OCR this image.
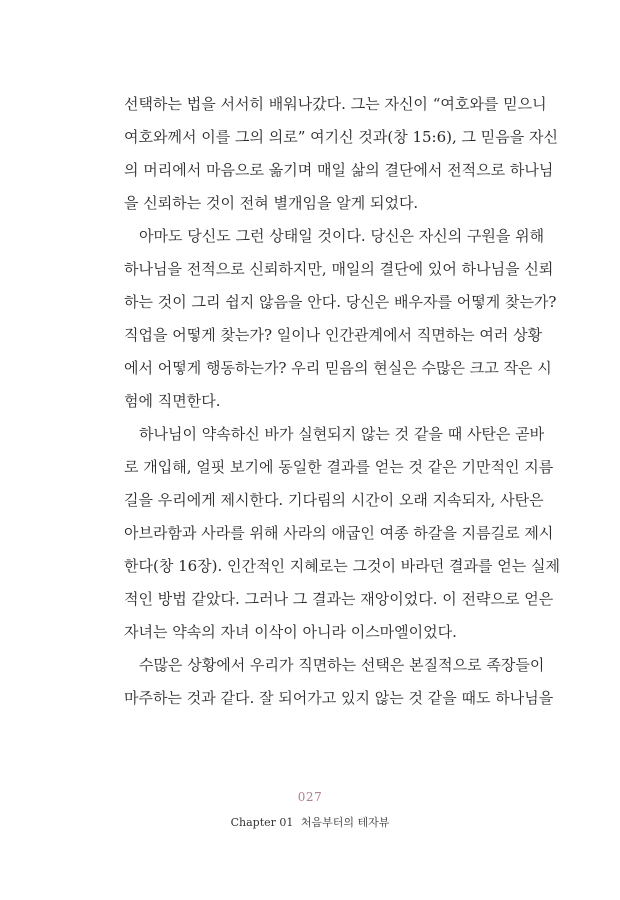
선택하는 법을 서서히 배워나갔다. 그는 자신이 “여호와를 믿으니
여호와께서 이를 그의 의로” 여기신 것과(창 15:6), 그 믿음을 자신
의 머리에서 마음으로 옮기며 매일 삶의 결단에서 전적으로 하나님
을 신뢰하는 것이 전혀 별개임을 알게 되었다.
아마도 당신도 그런 상태일 것이다. 당신은 자신의 구원을 위해
하나님을 전적으로 신뢰하지만, 매일의 결단에 있어 하나님을 신뢰
하는 것이 그리 쉽지 않음을 안다. 당신은 배우자를 어떻게 찾는가?
직업을 어떻게 찾는가? 일이나 인간관계에서 직면하는 여러 상황
에서 어떻게 행동하는가? 우리 믿음의 현실은 수많은 크고 작은 시
험에 직면한다.
하나님이 약속하신 바가 실현되지 않는 것 같을 때 사탄은 곧바
로 개입해, 얼핏 보기에 동일한 결과를 얻는 것 같은 기만적인 지름
길을 우리에게 제시한다. 기다림의 시간이 오래 지속되자, 사탄은
아브라함과 사라를 위해 사라의 애굽인 여종 하갈을 지름길로 제시
한다(창 16장). 인간적인 지혜로는 그것이 바라던 결과를 얻는 실제
적인 방법 같았다. 그러나 그 결과는 재앙이었다. 이 전략으로 얻은
자녀는 약속의 자녀 이삭이 아니라 이스마엘이었다.
수많은 상황에서 우리가 직면하는 선택은 본질적으로 족장들이
마주하는 것과 같다. 잘 되어가고 있지 않는 것 같을 때도 하나님을
027
Chapter 01 처음부터의 테자뷰
